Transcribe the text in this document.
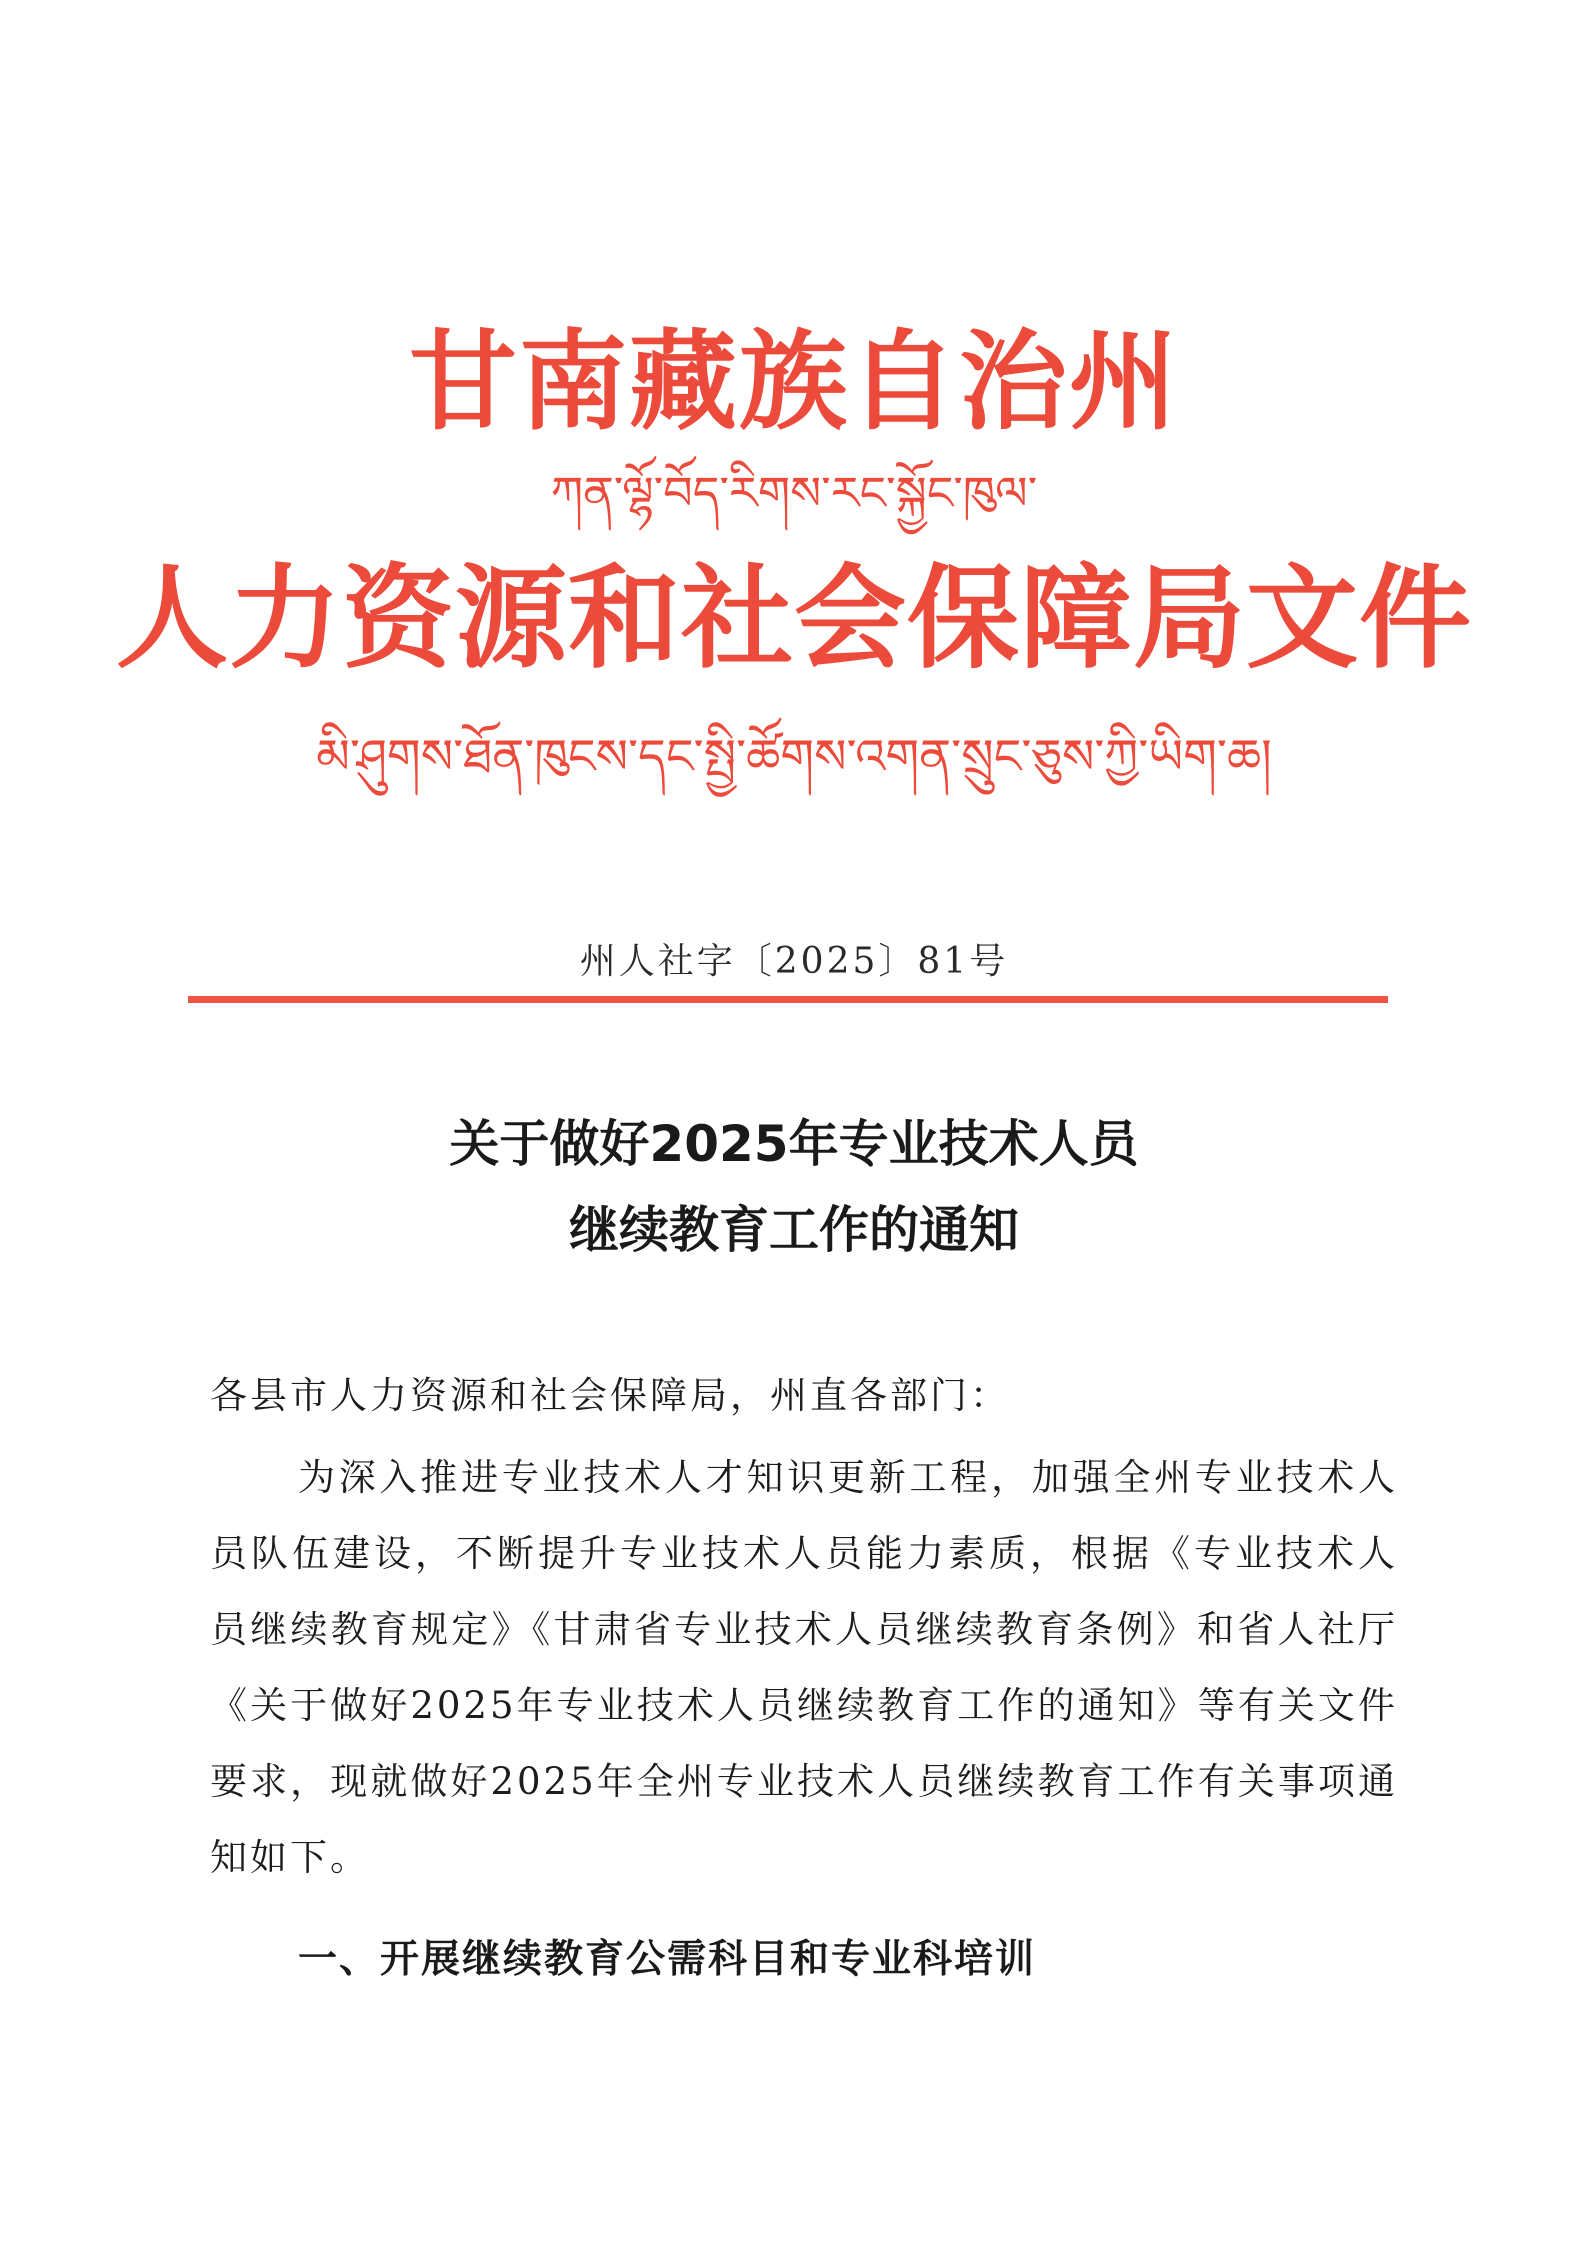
甘南藏族自治州
ཀན་ལྷོ་བོད་རིགས་རང་སྐྱོང་ཁུལ་
人力资源和社会保障局文件
མི་ཤུགས་ཐོན་ཁུངས་དང་སྤྱི་ཚོགས་འགན་སྲུང་ཅུས་ཀྱི་ཡིག་ཆ།
州人社字〔2025〕81号
关于做好2025年专业技术人员
继续教育工作的通知
各县市人力资源和社会保障局，州直各部门：
为深入推进专业技术人才知识更新工程，加强全州专业技术人员队伍建设，不断提升专业技术人员能力素质，根据《专业技术人员继续教育规定》《甘肃省专业技术人员继续教育条例》和省人社厅《关于做好2025年专业技术人员继续教育工作的通知》等有关文件要求，现就做好2025年全州专业技术人员继续教育工作有关事项通知如下。
一、开展继续教育公需科目和专业科培训
